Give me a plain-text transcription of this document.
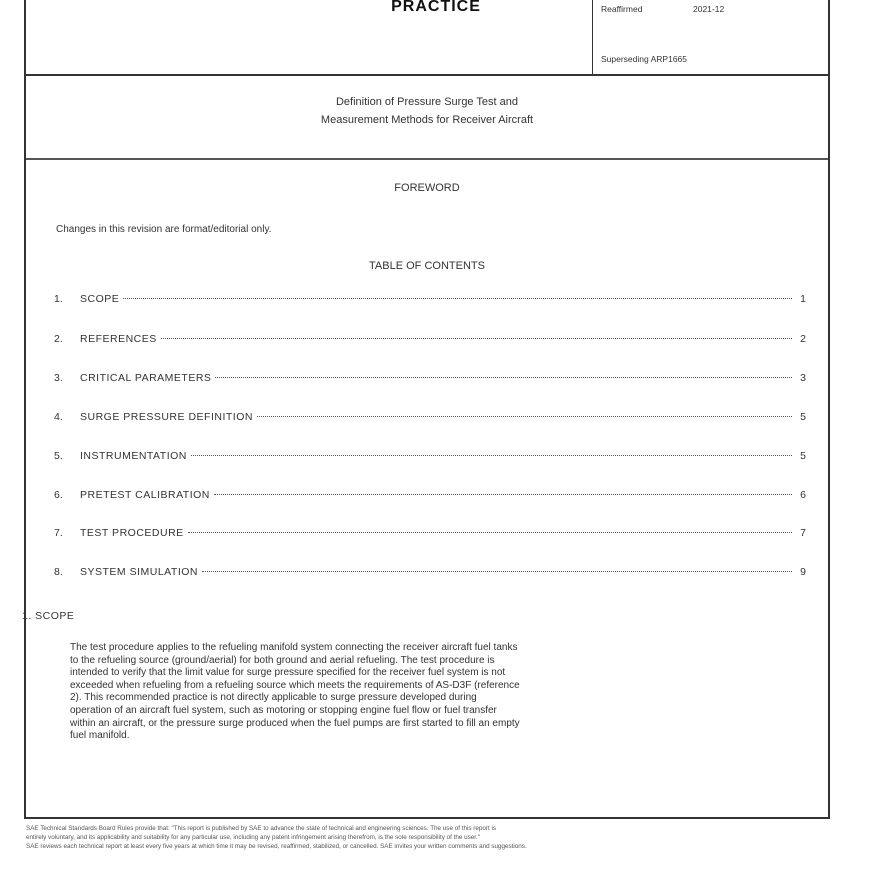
PRACTICE	Reaffirmed	2021-12
Superseding ARP1665
Definition of Pressure Surge Test and
Measurement Methods for Receiver Aircraft
FOREWORD
Changes in this revision are format/editorial only.
TABLE OF CONTENTS
1.	SCOPE	1
2.	REFERENCES	2
3.	CRITICAL PARAMETERS	3
4.	SURGE PRESSURE DEFINITION	5
5.	INSTRUMENTATION	5
6.	PRETEST CALIBRATION	6
7.	TEST PROCEDURE	7
8.	SYSTEM SIMULATION	9
The test procedure applies to the refueling manifold system connecting the receiver aircraft fuel tanks
to the refueling source (ground/aerial) for both ground and aerial refueling. The test procedure is
intended to verify that the limit value for surge pressure specified for the receiver fuel system is not
exceeded when refueling from a refueling source which meets the requirements of AS-D3F (reference
2). This recommended practice is not directly applicable to surge pressure developed during
operation of an aircraft fuel system, such as motoring or stopping engine fuel flow or fuel transfer
within an aircraft, or the pressure surge produced when the fuel pumps are first started to fill an empty
fuel manifold.
1. SCOPE
SAE Technical Standards Board Rules provide that: "This report is published by SAE to advance the state of technical and engineering sciences. The use of this report is
entirely voluntary, and its applicability and suitability for any particular use, including any patent infringement arising therefrom, is the sole responsibility of the user."
SAE reviews each technical report at least every five years at which time it may be revised, reaffirmed, stabilized, or cancelled. SAE invites your written comments and suggestions.
